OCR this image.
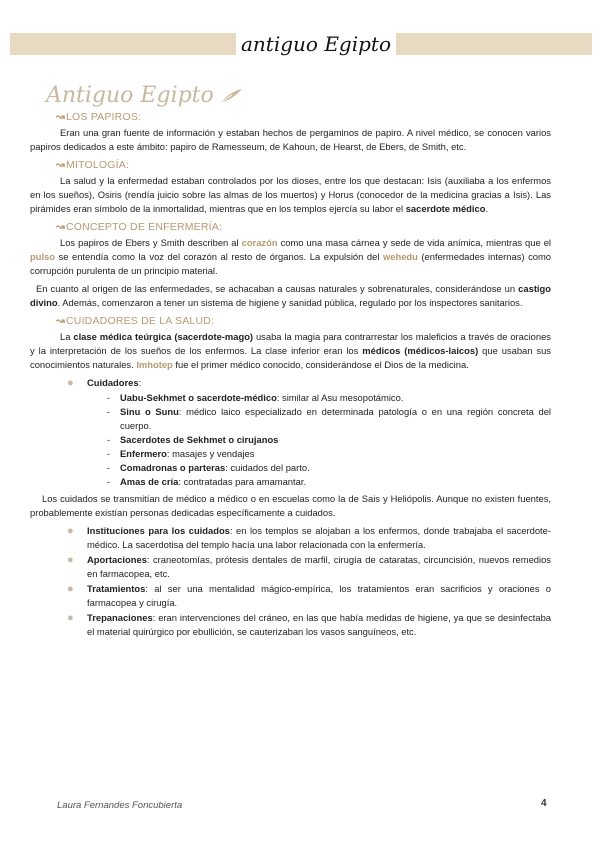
antiguo Egipto
Antiguo Egipto
↝ LOS PAPIROS:

Eran una gran fuente de información y estaban hechos de pergaminos de papiro. A nivel médico, se conocen varios papiros dedicados a este ámbito: papiro de Ramesseum, de Kahoun, de Hearst, de Ebers, de Smith, etc.

↝ MITOLOGÍA:

La salud y la enfermedad estaban controlados por los dioses, entre los que destacan: Isis (auxiliaba a los enfermos en los sueños), Osiris (rendía juicio sobre las almas de los muertos) y Horus (conocedor de la medicina gracias a Isis). Las pirámides eran símbolo de la inmortalidad, mientras que en los templos ejercía su labor el sacerdote médico.

↝ CONCEPTO DE ENFERMERÍA:

Los papiros de Ebers y Smith describen al corazón como una masa cárnea y sede de vida anímica, mientras que el pulso se entendía como la voz del corazón al resto de órganos. La expulsión del wehedu (enfermedades internas) como corrupción purulenta de un principio material.

En cuanto al origen de las enfermedades, se achacaban a causas naturales y sobrenaturales, considerándose un castigo divino. Además, comenzaron a tener un sistema de higiene y sanidad pública, regulado por los inspectores sanitarios.

↝ CUIDADORES DE LA SALUD:

La clase médica teúrgica (sacerdote-mago) usaba la magia para contrarrestar los maleficios a través de oraciones y la interpretación de los sueños de los enfermos. La clase inferior eran los médicos (médicos-laicos) que usaban sus conocimientos naturales. Imhotep fue el primer médico conocido, considerándose el Dios de la medicina.

● Cuidadores:
- Uabu-Sekhmet o sacerdote-médico: similar al Asu mesopotámico.
- Sinu o Sunu: médico laico especializado en determinada patología o en una región concreta del cuerpo.
- Sacerdotes de Sekhmet o cirujanos
- Enfermero: masajes y vendajes
- Comadronas o parteras: cuidados del parto.
- Amas de cría: contratadas para amamantar.

Los cuidados se transmitían de médico a médico o en escuelas como la de Sais y Heliópolis. Aunque no existen fuentes, probablemente existían personas dedicadas específicamente a cuidados.

● Instituciones para los cuidados: en los templos se alojaban a los enfermos, donde trabajaba el sacerdote-médico. La sacerdotisa del templo hacía una labor relacionada con la enfermería.
● Aportaciones: craneotomías, prótesis dentales de marfil, cirugía de cataratas, circuncisión, nuevos remedios en farmacopea, etc.
● Tratamientos: al ser una mentalidad mágico-empírica, los tratamientos eran sacrificios y oraciones o farmacopea y cirugía.
● Trepanaciones: eran intervenciones del cráneo, en las que había medidas de higiene, ya que se desinfectaba el material quirúrgico por ebullición, se cauterizaban los vasos sanguíneos, etc.
Laura Fernandes Foncubierta	4
